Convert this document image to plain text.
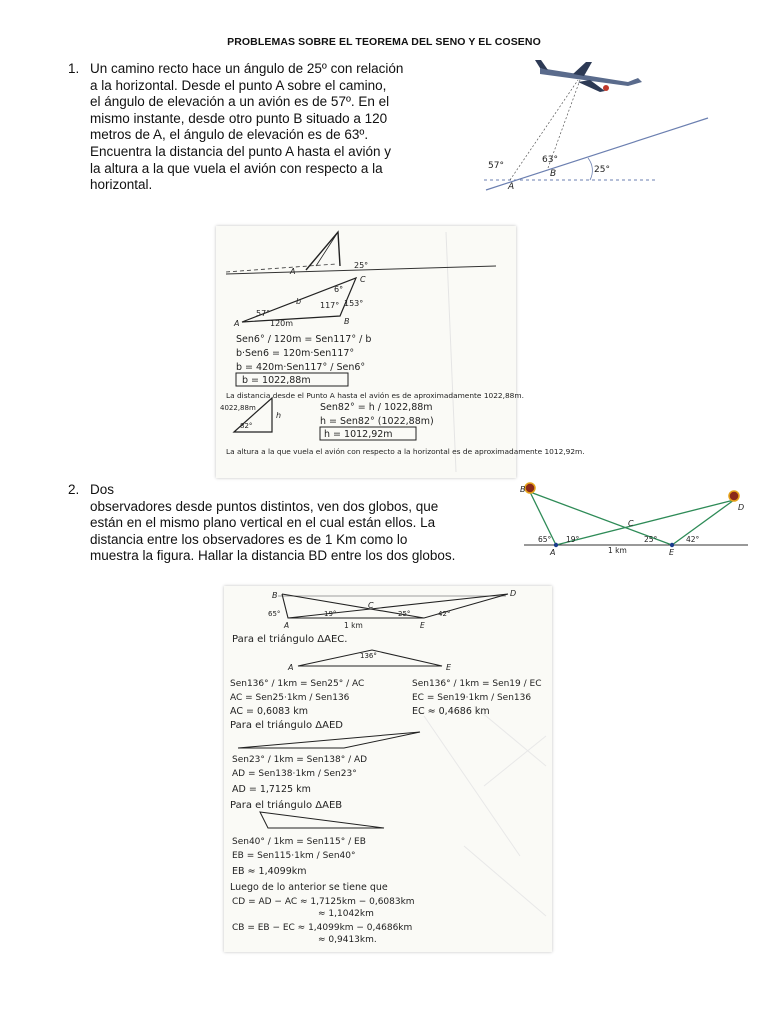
PROBLEMAS SOBRE EL TEOREMA DEL SENO Y EL COSENO
1. Un camino recto hace un ángulo de 25º con relación
a la horizontal. Desde el punto A sobre el camino,
el ángulo de elevación a un avión es de 57º. En el
mismo instante, desde otro punto B situado a 120
metros de A, el ángulo de elevación es de 63º.
Encuentra la distancia del punto A hasta el avión y
la altura a la que vuela el avión con respecto a la
horizontal.
57°
63°
25°
A
B
A
25°
C
6°
57°
117° 153°
b
120m
A	B
Sen6° / 120m = Sen117° / b
b·Sen6 = 120m·Sen117°
b = 420m·Sen117° / Sen6°
b = 1022,88m
La distancia desde el Punto A hasta el avión es de aproximadamente 1022,88m.
4022,88m
h
82°
Sen82° = h / 1022,88m
h = Sen82° (1022,88m)
h = 1012,92m
La altura a la que vuela el avión con respecto a la horizontal es de aproximadamente 1012,92m.
2. Dos
observadores desde puntos distintos, ven dos globos, que
están en el mismo plano vertical en el cual están ellos. La
distancia entre los observadores es de 1 Km como lo
muestra la figura. Hallar la distancia BD entre los dos globos.
B
D
C
A	E
65° 19°	25°	42°
1 km
B	D
C
65°	19°	25°	42°
A	1 km	E
Para el triángulo ΔAEC.
136°
A	E
Sen136° / 1km = Sen25° / AC	Sen136° / 1km = Sen19 / EC
AC = Sen25·1km / Sen136	EC = Sen19·1km / Sen136
AC = 0,6083 km	EC ≈ 0,4686 km
Para el triángulo ΔAED
Sen23° / 1km = Sen138° / AD
AD = Sen138·1km / Sen23°
AD = 1,7125 km
Para el triángulo ΔAEB
Sen40° / 1km = Sen115° / EB
EB = Sen115·1km / Sen40°
EB ≈ 1,4099km
Luego de lo anterior se tiene que
CD = AD − AC ≈ 1,7125km − 0,6083km
≈ 1,1042km
CB = EB − EC ≈ 1,4099km − 0,4686km
≈ 0,9413km.
